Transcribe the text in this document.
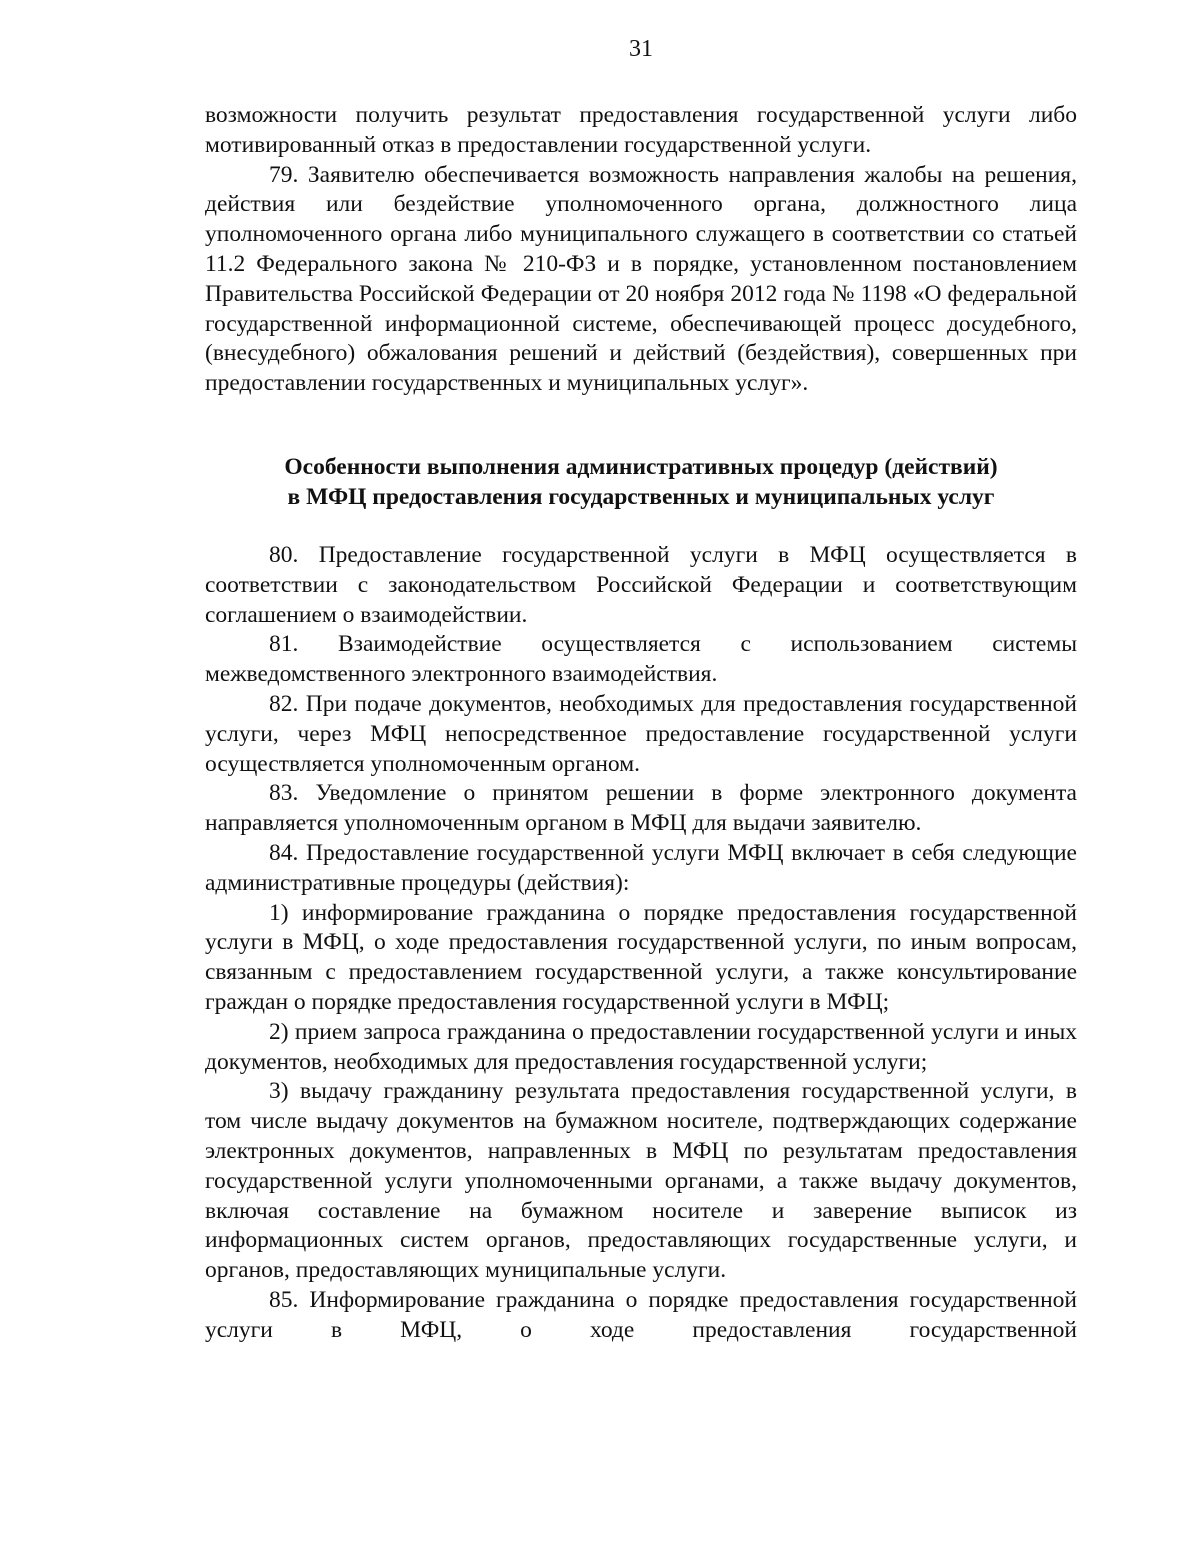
31

возможности получить результат предоставления государственной услуги либо мотивированный отказ в предоставлении государственной услуги.

79. Заявителю обеспечивается возможность направления жалобы на решения, действия или бездействие уполномоченного органа, должностного лица уполномоченного органа либо муниципального служащего в соответствии со статьей 11.2 Федерального закона № 210-ФЗ и в порядке, установленном постановлением Правительства Российской Федерации от 20 ноября 2012 года № 1198 «О федеральной государственной информационной системе, обеспечивающей процесс досудебного, (внесудебного) обжалования решений и действий (бездействия), совершенных при предоставлении государственных и муниципальных услуг».

Особенности выполнения административных процедур (действий)
в МФЦ предоставления государственных и муниципальных услуг

80. Предоставление государственной услуги в МФЦ осуществляется в соответствии с законодательством Российской Федерации и соответствующим соглашением о взаимодействии.

81. Взаимодействие осуществляется с использованием системы межведомственного электронного взаимодействия.

82. При подаче документов, необходимых для предоставления государственной услуги, через МФЦ непосредственное предоставление государственной услуги осуществляется уполномоченным органом.

83. Уведомление о принятом решении в форме электронного документа направляется уполномоченным органом в МФЦ для выдачи заявителю.

84. Предоставление государственной услуги МФЦ включает в себя следующие административные процедуры (действия):

1) информирование гражданина о порядке предоставления государственной услуги в МФЦ, о ходе предоставления государственной услуги, по иным вопросам, связанным с предоставлением государственной услуги, а также консультирование граждан о порядке предоставления государственной услуги в МФЦ;

2) прием запроса гражданина о предоставлении государственной услуги и иных документов, необходимых для предоставления государственной услуги;

3) выдачу гражданину результата предоставления государственной услуги, в том числе выдачу документов на бумажном носителе, подтверждающих содержание электронных документов, направленных в МФЦ по результатам предоставления государственной услуги уполномоченными органами, а также выдачу документов, включая составление на бумажном носителе и заверение выписок из информационных систем органов, предоставляющих государственные услуги, и органов, предоставляющих муниципальные услуги.

85. Информирование гражданина о порядке предоставления государственной услуги в МФЦ, о ходе предоставления государственной
